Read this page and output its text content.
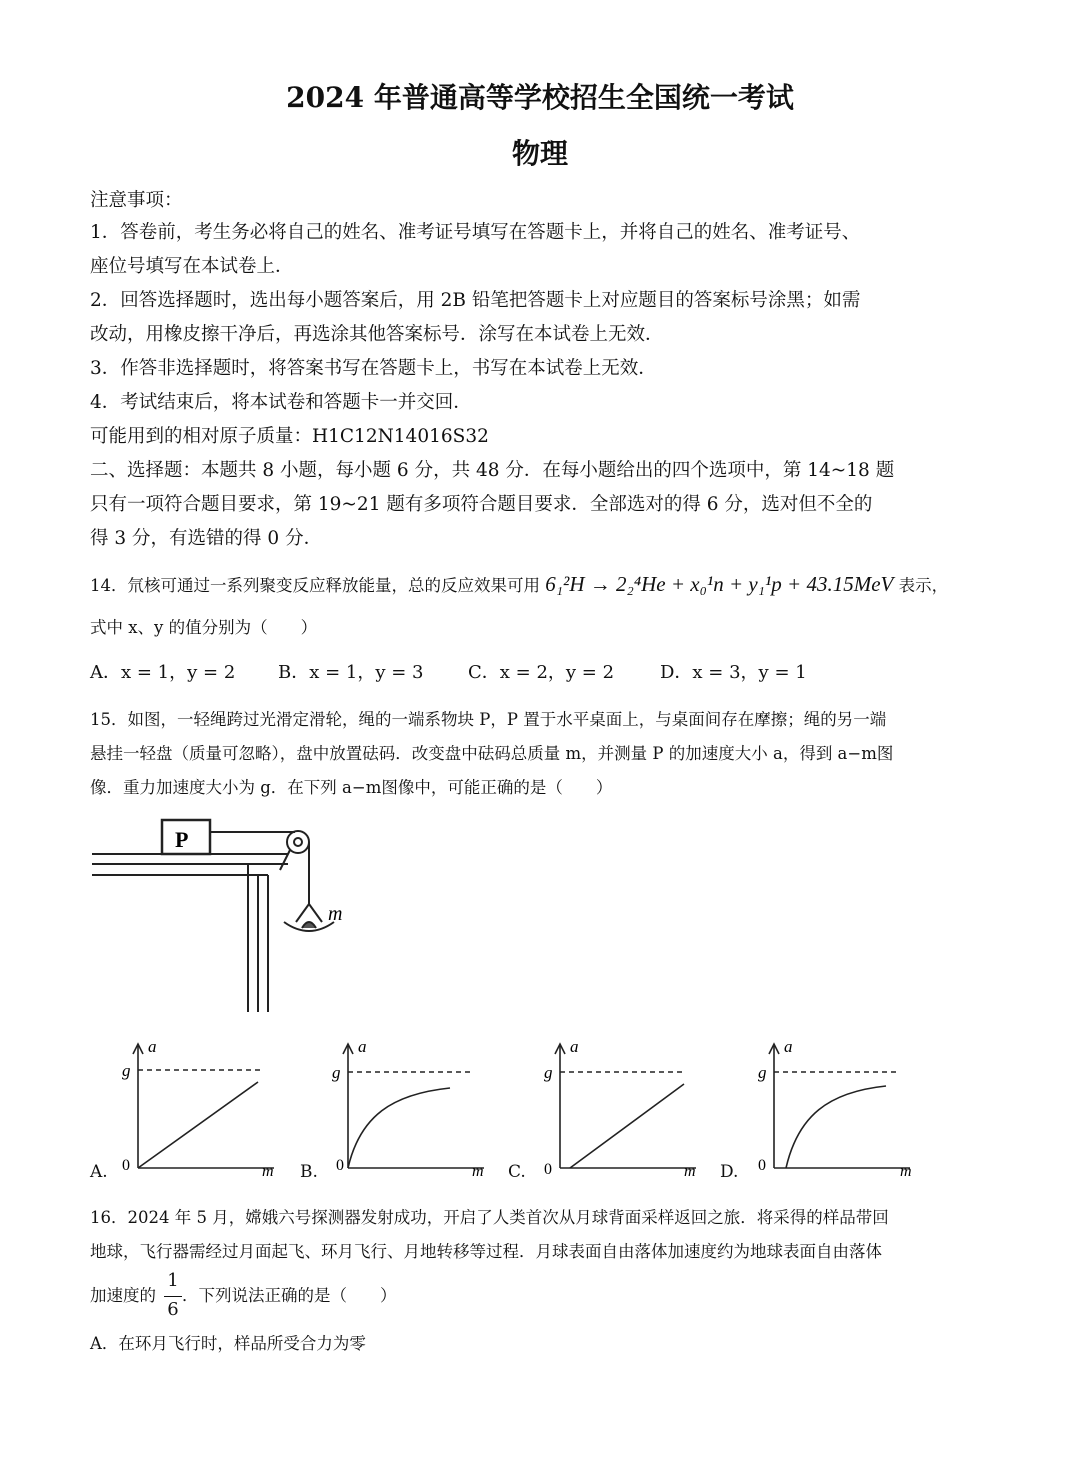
2024 年普通高等学校招生全国统一考试
物理
注意事项：
1．答卷前，考生务必将自己的姓名、准考证号填写在答题卡上，并将自己的姓名、准考证号、
座位号填写在本试卷上．
2．回答选择题时，选出每小题答案后，用 2B 铅笔把答题卡上对应题目的答案标号涂黑；如需
改动，用橡皮擦干净后，再选涂其他答案标号．涂写在本试卷上无效．
3．作答非选择题时，将答案书写在答题卡上，书写在本试卷上无效．
4．考试结束后，将本试卷和答题卡一并交回．
可能用到的相对原子质量：H1C12N14016S32
二、选择题：本题共 8 小题，每小题 6 分，共 48 分．在每小题给出的四个选项中，第 14~18 题
只有一项符合题目要求，第 19~21 题有多项符合题目要求．全部选对的得 6 分，选对但不全的
得 3 分，有选错的得 0 分．
14．氘核可通过一系列聚变反应释放能量，总的反应效果可用 6₁²H → 2₂⁴He + x₀¹n + y₁¹p + 43.15MeV 表示，
式中 x、y 的值分别为（　　）
A．x = 1，y = 2 B．x = 1，y = 3 C．x = 2，y = 2	D．x = 3，y = 1
15．如图，一轻绳跨过光滑定滑轮，绳的一端系物块 P，P 置于水平桌面上，与桌面间存在摩擦；绳的另一端
悬挂一轻盘（质量可忽略），盘中放置砝码．改变盘中砝码总质量 m，并测量 P 的加速度大小 a，得到 a−m图
像．重力加速度大小为 g．在下列 a−m图像中，可能正确的是（　　）
P
m
a
g
0	m
A.
a
g
0	m
B.
a
g
0	m
C.
a
g
0	m
D.
16．2024 年 5 月，嫦娥六号探测器发射成功，开启了人类首次从月球背面采样返回之旅．将采得的样品带回
地球，飞行器需经过月面起飞、环月飞行、月地转移等过程．月球表面自由落体加速度约为地球表面自由落体
加速度的 ．下列说法正确的是（　　）
1
6
A．在环月飞行时，样品所受合力为零
